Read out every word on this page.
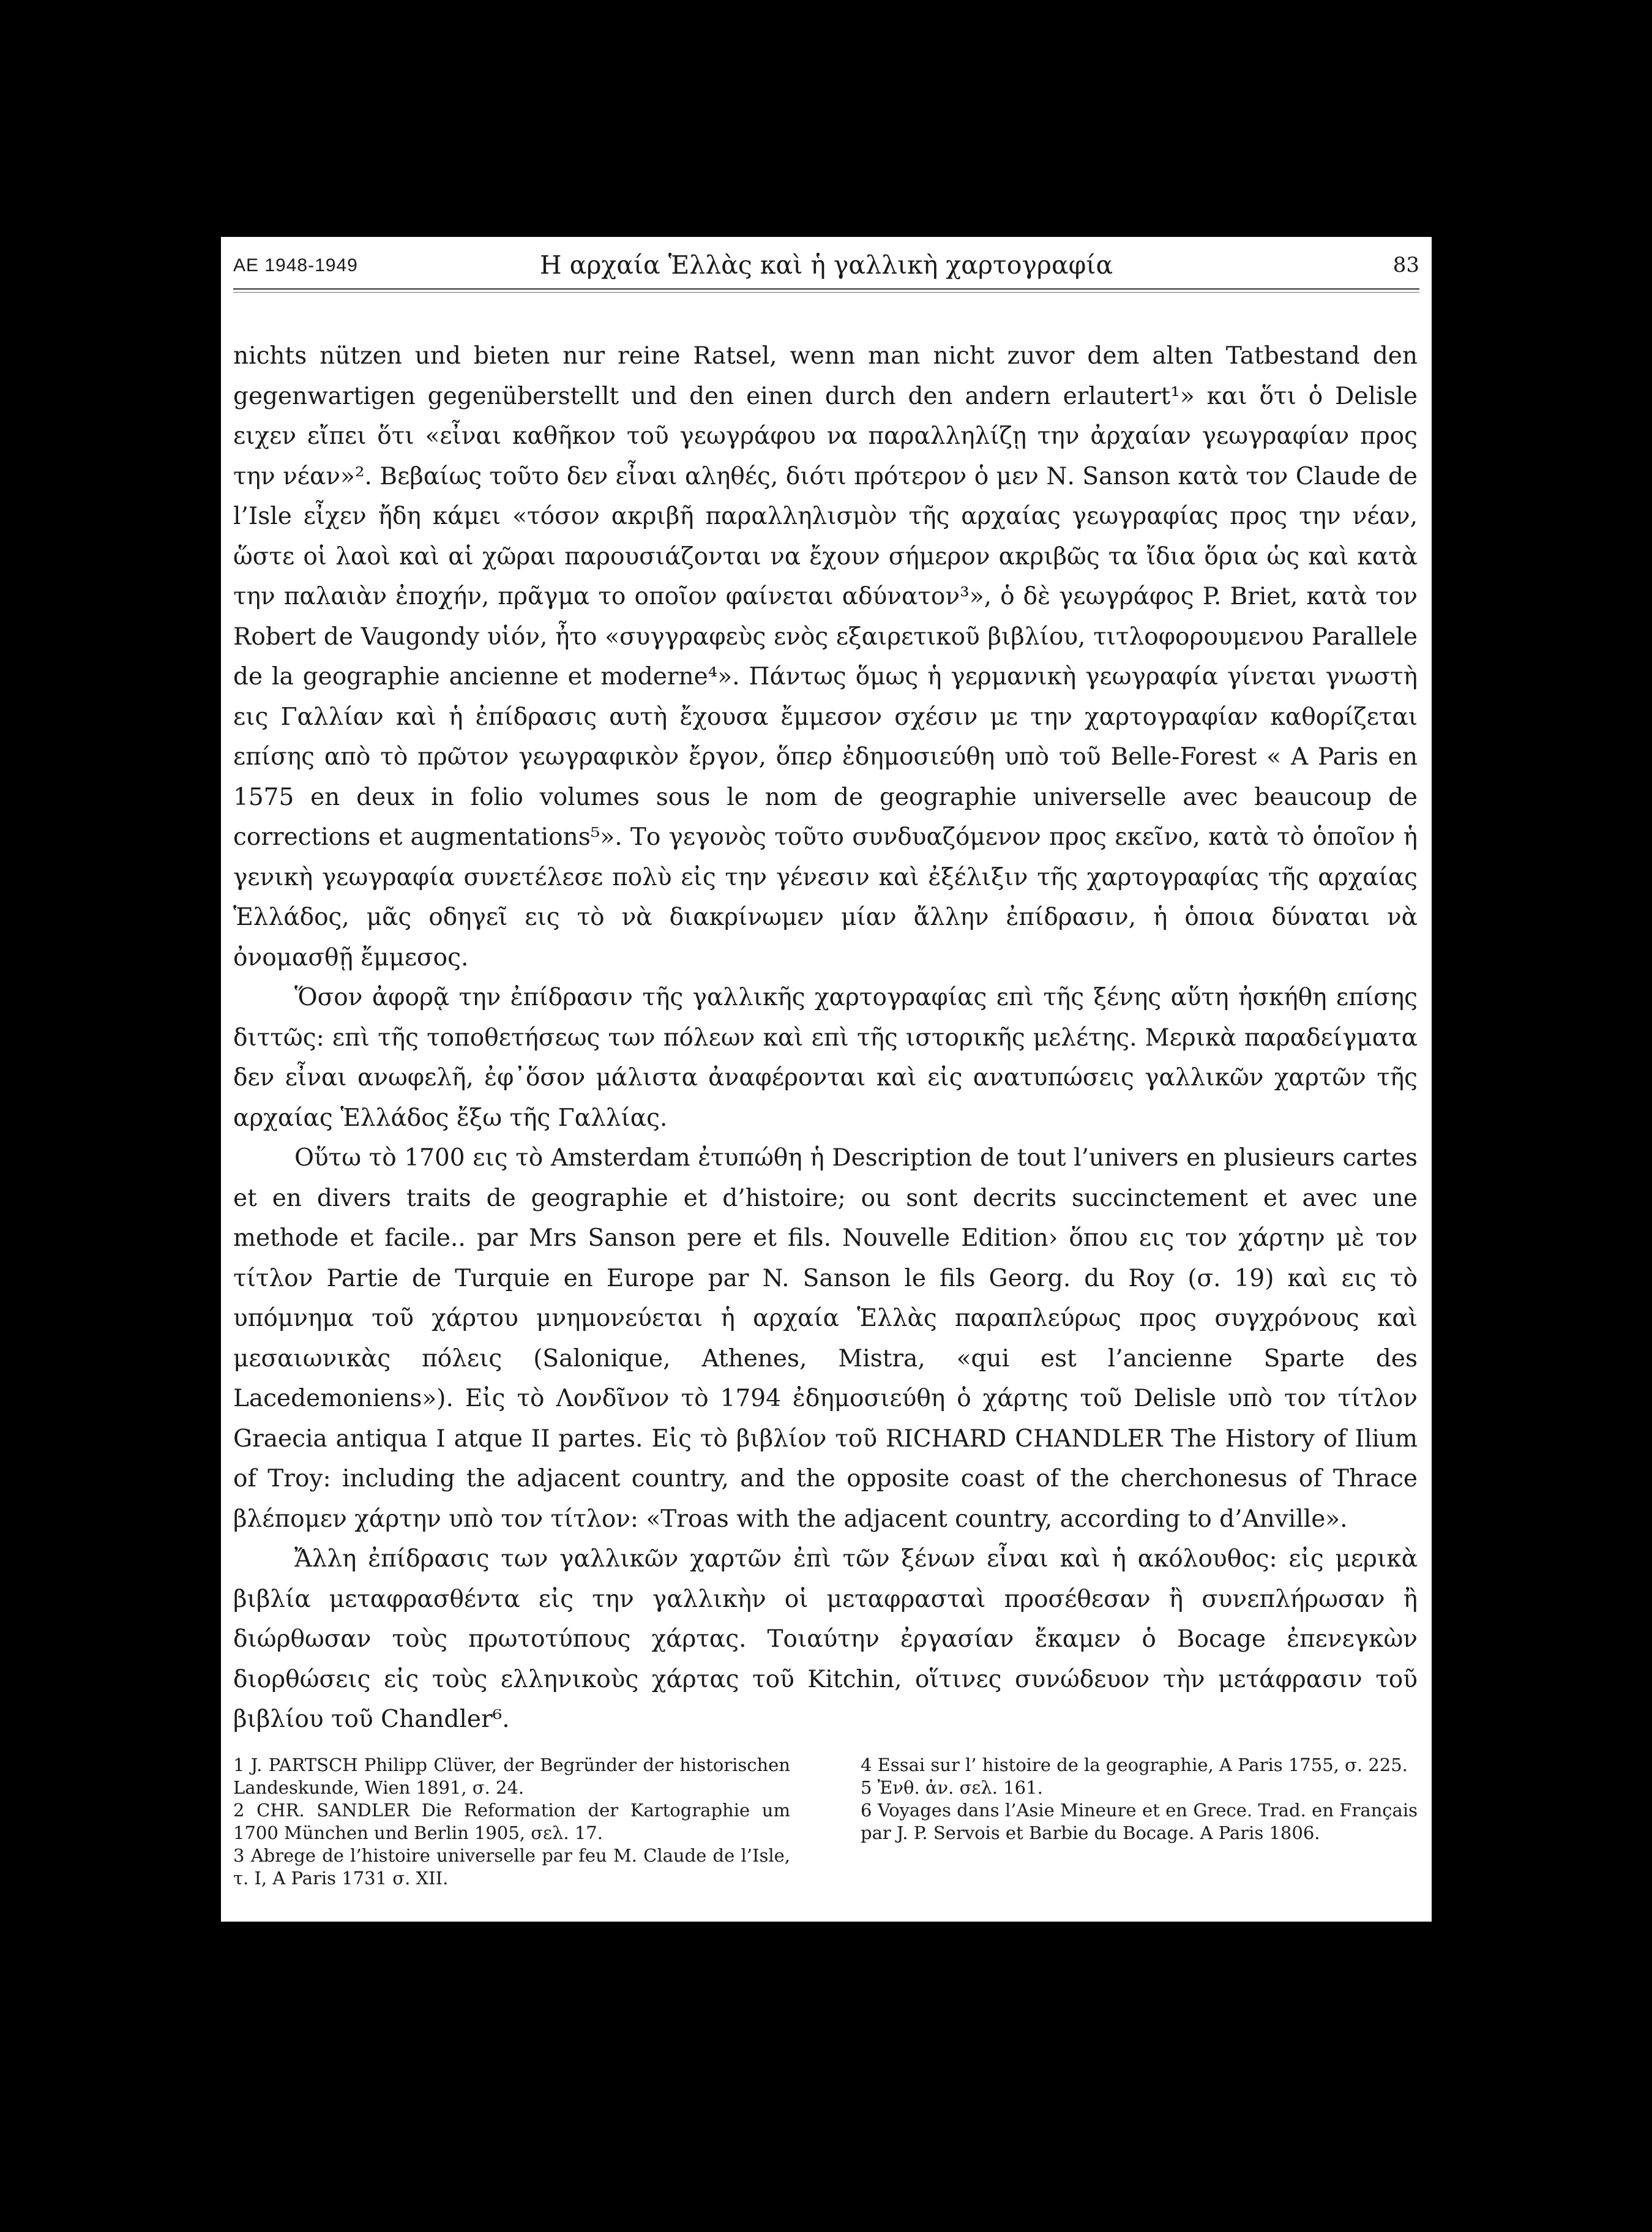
ΑΕ 1948-1949	Η αρχαία Ἑλλὰς καὶ ἡ γαλλικὴ χαρτογραφία	83

nichts nützen und bieten nur reine Ratsel, wenn man nicht zuvor dem alten Tatbestand den gegenwartigen gegenüberstellt und den einen durch den andern erlautert¹» και ὅτι ὁ Delisle ειχεν εἴπει ὅτι «εἶναι καθῆκον τοῦ γεωγράφου να παραλληλίζῃ την ἀρχαίαν γεωγραφίαν προς την νέαν»². Βεβαίως τοῦτο δεν εἶναι αληθές, διότι πρότερον ὁ μεν Ν. Sanson κατὰ τον Claude de l’Isle εἶχεν ἤδη κάμει «τόσον ακριβῆ παραλληλισμὸν τῆς αρχαίας γεωγραφίας προς την νέαν, ὥστε οἱ λαοὶ καὶ αἱ χῶραι παρουσιάζονται να ἔχουν σήμερον ακριβῶς τα ἴδια ὅρια ὡς καὶ κατὰ την παλαιὰν ἐποχήν, πρᾶγμα το οποῖον φαίνεται αδύνατον³», ὁ δὲ γεωγράφος P. Briet, κατὰ τον Robert de Vaugondy υἱόν, ἦτο «συγγραφεὺς ενὸς εξαιρετικοῦ βιβλίου, τιτλοφορουμενου Parallele de la geographie ancienne et moderne⁴». Πάντως ὅμως ἡ γερμανικὴ γεωγραφία γίνεται γνωστὴ εις Γαλλίαν καὶ ἡ ἐπίδρασις αυτὴ ἔχουσα ἔμμεσον σχέσιν με την χαρτογραφίαν καθορίζεται επίσης απὸ τὸ πρῶτον γεωγραφικὸν ἔργον, ὅπερ ἐδημοσιεύθη υπὸ τοῦ Belle-Forest « A Paris en 1575 en deux in folio volumes sous le nom de geographie universelle avec beaucoup de corrections et augmentations⁵». Το γεγονὸς τοῦτο συνδυαζόμενον προς εκεῖνο, κατὰ τὸ ὁποῖον ἡ γενικὴ γεωγραφία συνετέλεσε πολὺ εἰς την γένεσιν καὶ ἐξέλιξιν τῆς χαρτογραφίας τῆς αρχαίας Ἑλλάδος, μᾶς οδηγεῖ εις τὸ νὰ διακρίνωμεν μίαν ἄλλην ἐπίδρασιν, ἡ ὁποια δύναται νὰ ὀνομασθῇ ἔμμεσος.

Ὅσον ἀφορᾷ την ἐπίδρασιν τῆς γαλλικῆς χαρτογραφίας επὶ τῆς ξένης αὕτη ἠσκήθη επίσης διττῶς: επὶ τῆς τοποθετήσεως των πόλεων καὶ επὶ τῆς ιστορικῆς μελέτης. Μερικὰ παραδείγματα δεν εἶναι ανωφελῆ, ἐφ᾽ὅσον μάλιστα ἀναφέρονται καὶ εἰς ανατυπώσεις γαλλικῶν χαρτῶν τῆς αρχαίας Ἑλλάδος ἔξω τῆς Γαλλίας.

Οὕτω τὸ 1700 εις τὸ Amsterdam ἐτυπώθη ἡ Description de tout l’univers en plusieurs cartes et en divers traits de geographie et d’histoire; ou sont decrits succinctement et avec une methode et facile.. par Mrs Sanson pere et fils. Nouvelle Edition› ὅπου εις τον χάρτην μὲ τον τίτλον Partie de Turquie en Europe par N. Sanson le fils Georg. du Roy (σ. 19) καὶ εις τὸ υπόμνημα τοῦ χάρτου μνημονεύεται ἡ αρχαία Ἑλλὰς παραπλεύρως προς συγχρόνους καὶ μεσαιωνικὰς πόλεις (Salonique, Athenes, Mistra, «qui est l’ancienne Sparte des Lacedemoniens»). Εἰς τὸ Λονδῖνον τὸ 1794 ἐδημοσιεύθη ὁ χάρτης τοῦ Delisle υπὸ τον τίτλον Graecia antiqua I atque II partes. Εἰς τὸ βιβλίον τοῦ RICHARD CHANDLER The History of Ilium of Troy: including the adjacent country, and the opposite coast of the cherchonesus of Thrace βλέπομεν χάρτην υπὸ τον τίτλον: «Troas with the adjacent country, according to d’Anville».

Ἄλλη ἐπίδρασις των γαλλικῶν χαρτῶν ἐπὶ τῶν ξένων εἶναι καὶ ἡ ακόλουθος: εἰς μερικὰ βιβλία μεταφρασθέντα εἰς την γαλλικὴν οἱ μεταφρασταὶ προσέθεσαν ἢ συνεπλήρωσαν ἢ διώρθωσαν τοὺς πρωτοτύπους χάρτας. Τοιαύτην ἐργασίαν ἔκαμεν ὁ Bocage ἐπενεγκὼν διορθώσεις εἰς τοὺς ελληνικοὺς χάρτας τοῦ Kitchin, οἵτινες συνώδευον τὴν μετάφρασιν τοῦ βιβλίου τοῦ Chandler⁶.

1 J. PARTSCH Philipp Clüver, der Begründer der historischen Landeskunde, Wien 1891, σ. 24.

2 CHR. SANDLER Die Reformation der Kartographie um 1700 München und Berlin 1905, σελ. 17.

3 Abrege de l’histoire universelle par feu M. Claude de l’Isle, τ. I, A Paris 1731 σ. XII.

4 Essai sur l’ histoire de la geographie, A Paris 1755, σ. 225.

5 Ἐνθ. ἀν. σελ. 161.

6 Voyages dans l’Asie Mineure et en Grece. Trad. en Français par J. P. Servois et Barbie du Bocage. A Paris 1806.
